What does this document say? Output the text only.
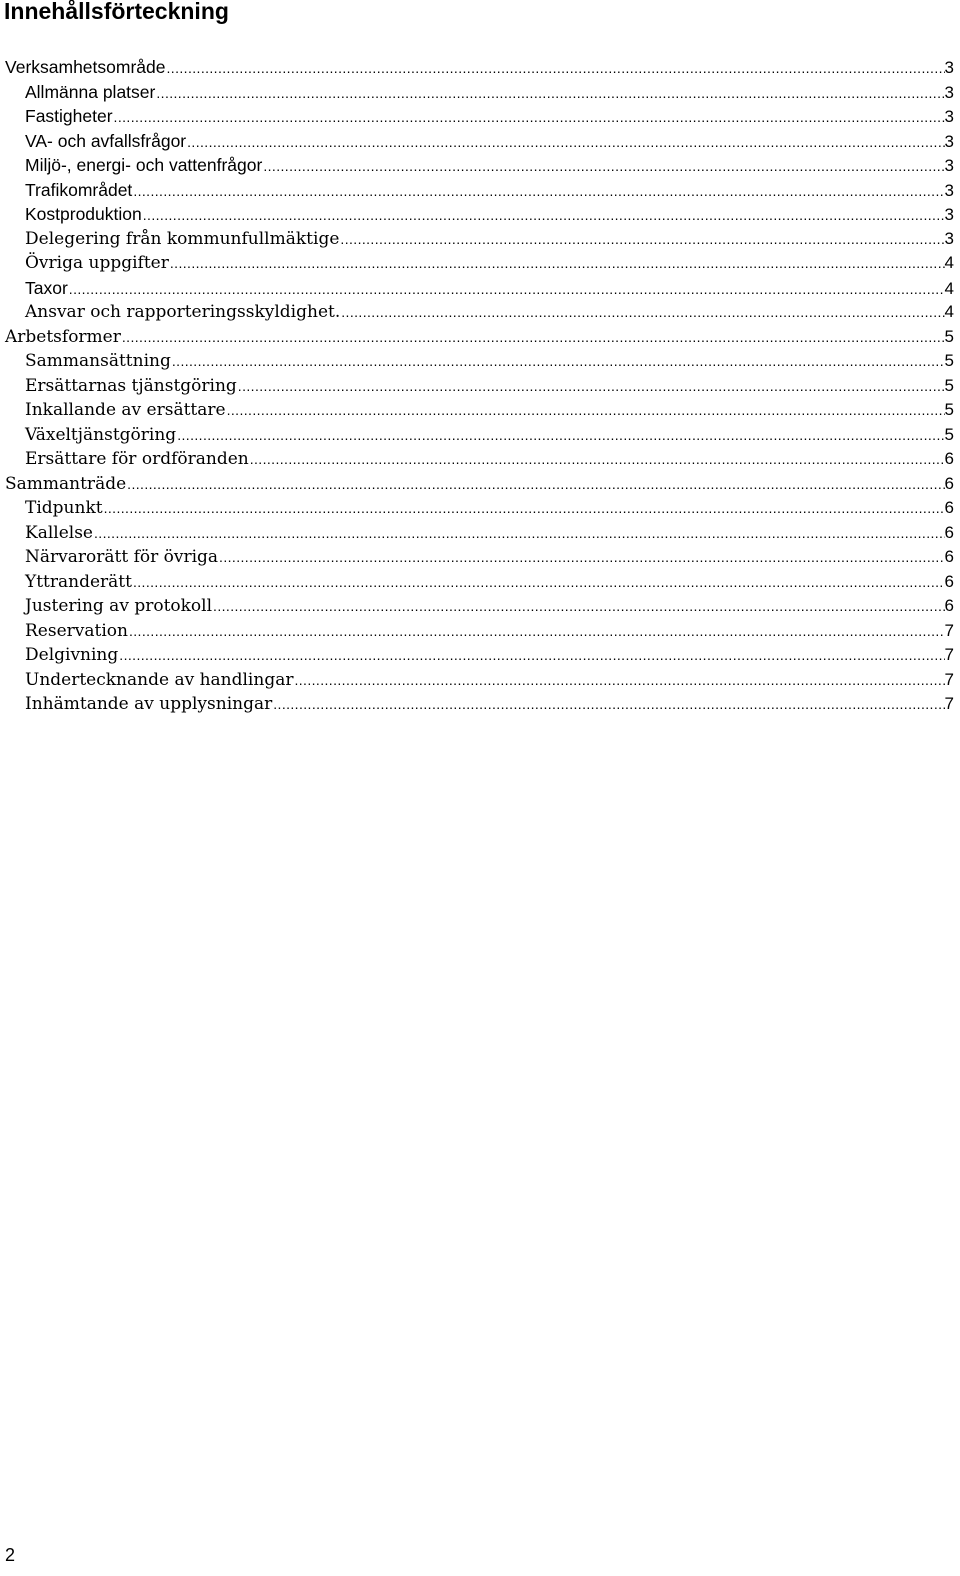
Innehållsförteckning
Verksamhetsområde .....	3
Allmänna platser .....	3
Fastigheter .....	3
VA- och avfallsfrågor .....	3
Miljö-, energi- och vattenfrågor .....	3
Trafikområdet .....	3
Kostproduktion .....	3
Delegering från kommunfullmäktige .....	3
Övriga uppgifter .....	4
Taxor .....	4
Ansvar och rapporteringsskyldighet. .....	4
Arbetsformer .....	5
Sammansättning .....	5
Ersättarnas tjänstgöring .....	5
Inkallande av ersättare .....	5
Växeltjänstgöring .....	5
Ersättare för ordföranden .....	6
Sammanträde .....	6
Tidpunkt .....	6
Kallelse .....	6
Närvarorätt för övriga .....	6
Yttranderätt .....	6
Justering av protokoll .....	6
Reservation .....	7
Delgivning .....	7
Undertecknande av handlingar .....	7
Inhämtande av upplysningar .....	7
2
